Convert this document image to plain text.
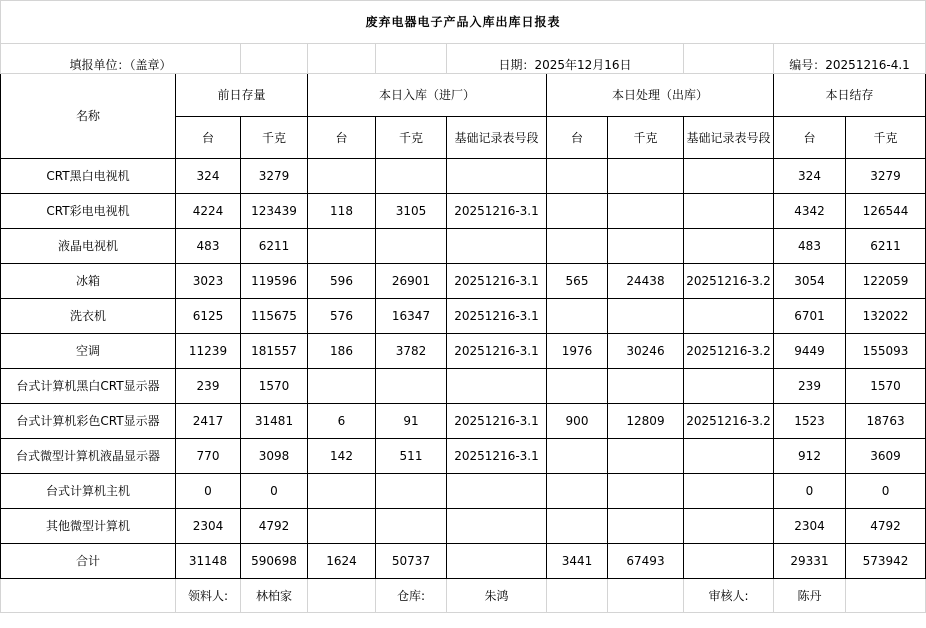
废弃电器电子产品入库出库日报表										
填报单位：（盖章）					日期：2025年12月16日				编号：20251216-4.1	
名称	前日存量		本日入库（进厂）			本日处理（出库）			本日结存	
	台	千克	台	千克	基础记录表号段	台	千克	基础记录表号段	台	千克
CRT黑白电视机	324	3279							324	3279
CRT彩电电视机	4224	123439	118	3105	20251216-3.1				4342	126544
液晶电视机	483	6211							483	6211
冰箱	3023	119596	596	26901	20251216-3.1	565	24438	20251216-3.2	3054	122059
洗衣机	6125	115675	576	16347	20251216-3.1				6701	132022
空调	11239	181557	186	3782	20251216-3.1	1976	30246	20251216-3.2	9449	155093
台式计算机黑白CRT显示器	239	1570							239	1570
台式计算机彩色CRT显示器	2417	31481	6	91	20251216-3.1	900	12809	20251216-3.2	1523	18763
台式微型计算机液晶显示器	770	3098	142	511	20251216-3.1				912	3609
台式计算机主机	0	0							0	0
其他微型计算机	2304	4792							2304	4792
合计	31148	590698	1624	50737		3441	67493		29331	573942
	领料人:	林柏家		仓库:	朱鸿			审核人:	陈丹	
